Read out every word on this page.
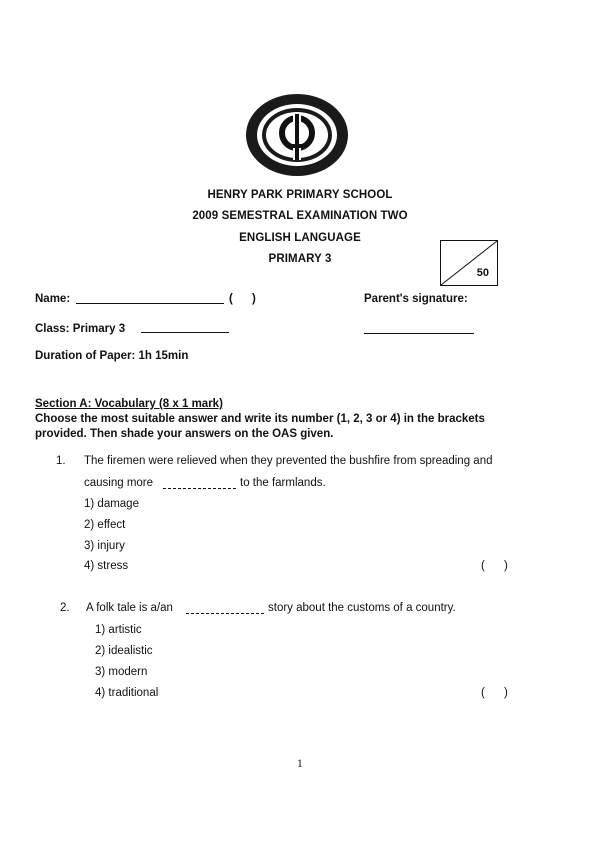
HENRY PARK PRIMARY SCHOOL
2009 SEMESTRAL EXAMINATION TWO
ENGLISH LANGUAGE
PRIMARY 3
50
Name:	(      )	Parent's signature:
Class: Primary 3
Duration of Paper: 1h 15min
Section A: Vocabulary (8 x 1 mark)
Choose the most suitable answer and write its number (1, 2, 3 or 4) in the brackets
provided. Then shade your answers on the OAS given.
1. The firemen were relieved when they prevented the bushfire from spreading and
causing more	to the farmlands.
1) damage
2) effect
3) injury
4) stress	(      )
2. A folk tale is a/an	story about the customs of a country.
1) artistic
2) idealistic
3) modern
4) traditional	(      )
1
